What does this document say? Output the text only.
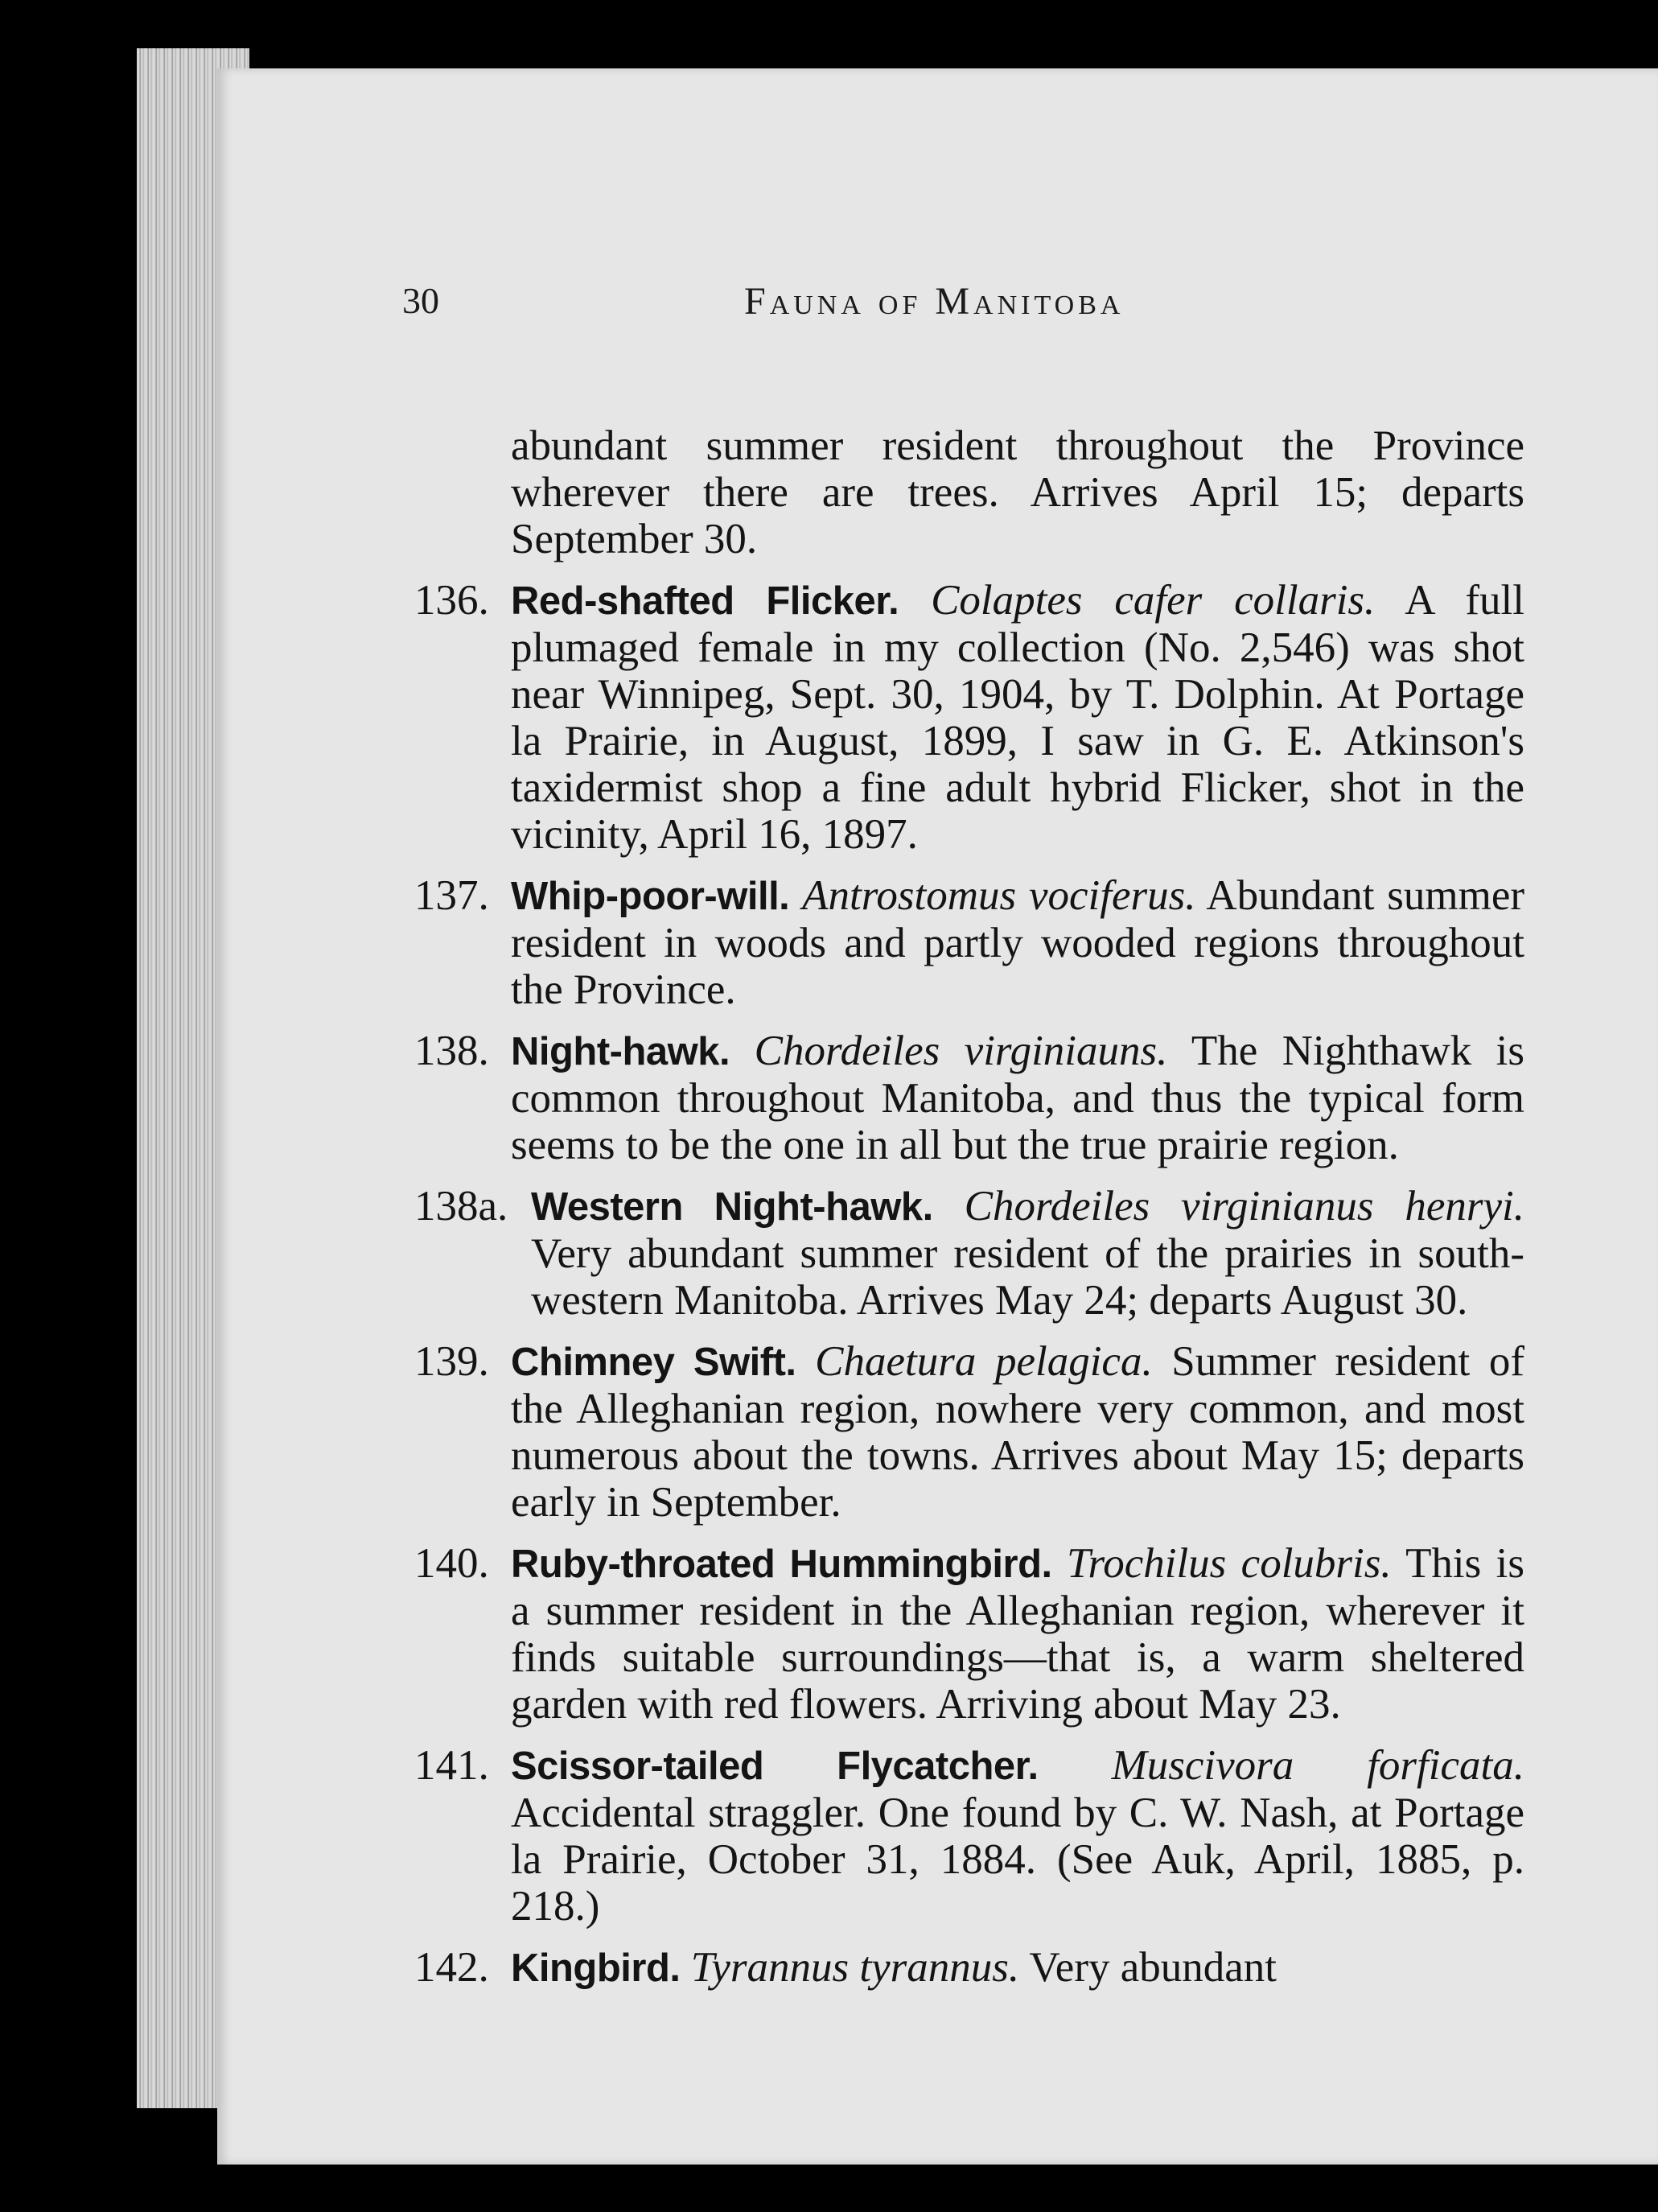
30	Fauna of Manitoba
abundant summer resident throughout the Province wherever there are trees. Arrives April 15; departs September 30.
136. Red-shafted Flicker. Colaptes cafer collaris. A full plumaged female in my collection (No. 2,546) was shot near Winnipeg, Sept. 30, 1904, by T. Dolphin. At Portage la Prairie, in August, 1899, I saw in G. E. Atkinson's taxidermist shop a fine adult hybrid Flicker, shot in the vicinity, April 16, 1897.
137. Whip-poor-will. Antrostomus vociferus. Abundant summer resident in woods and partly wooded regions throughout the Province.
138. Night-hawk. Chordeiles virginiauns. The Nighthawk is common throughout Manitoba, and thus the typical form seems to be the one in all but the true prairie region.
138a. Western Night-hawk. Chordeiles virginianus henryi. Very abundant summer resident of the prairies in south-western Manitoba. Arrives May 24; departs August 30.
139. Chimney Swift. Chaetura pelagica. Summer resident of the Alleghanian region, nowhere very common, and most numerous about the towns. Arrives about May 15; departs early in September.
140. Ruby-throated Hummingbird. Trochilus colubris. This is a summer resident in the Alleghanian region, wherever it finds suitable surroundings—that is, a warm sheltered garden with red flowers. Arriving about May 23.
141. Scissor-tailed Flycatcher. Muscivora forficata. Accidental straggler. One found by C. W. Nash, at Portage la Prairie, October 31, 1884. (See Auk, April, 1885, p. 218.)
142. Kingbird. Tyrannus tyrannus. Very abundant
